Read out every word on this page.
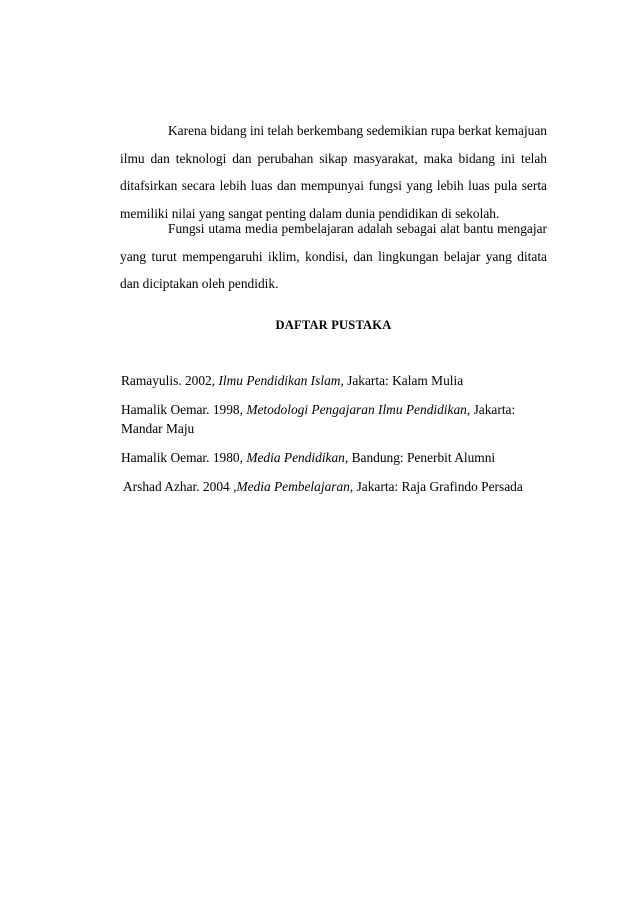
Karena bidang ini telah berkembang sedemikian rupa berkat kemajuan ilmu dan teknologi dan perubahan sikap masyarakat, maka bidang ini telah ditafsirkan secara lebih luas dan mempunyai fungsi yang lebih luas pula serta memiliki nilai yang sangat penting dalam dunia pendidikan di sekolah.

Fungsi utama media pembelajaran adalah sebagai alat bantu mengajar yang turut mempengaruhi iklim, kondisi, dan lingkungan belajar yang ditata dan diciptakan oleh pendidik.

DAFTAR PUSTAKA
Ramayulis. 2002, Ilmu Pendidikan Islam, Jakarta: Kalam Mulia
Hamalik Oemar. 1998, Metodologi Pengajaran Ilmu Pendidikan, Jakarta: Mandar Maju
Hamalik Oemar. 1980, Media Pendidikan, Bandung: Penerbit Alumni
Arshad Azhar. 2004 ,Media Pembelajaran, Jakarta: Raja Grafindo Persada
